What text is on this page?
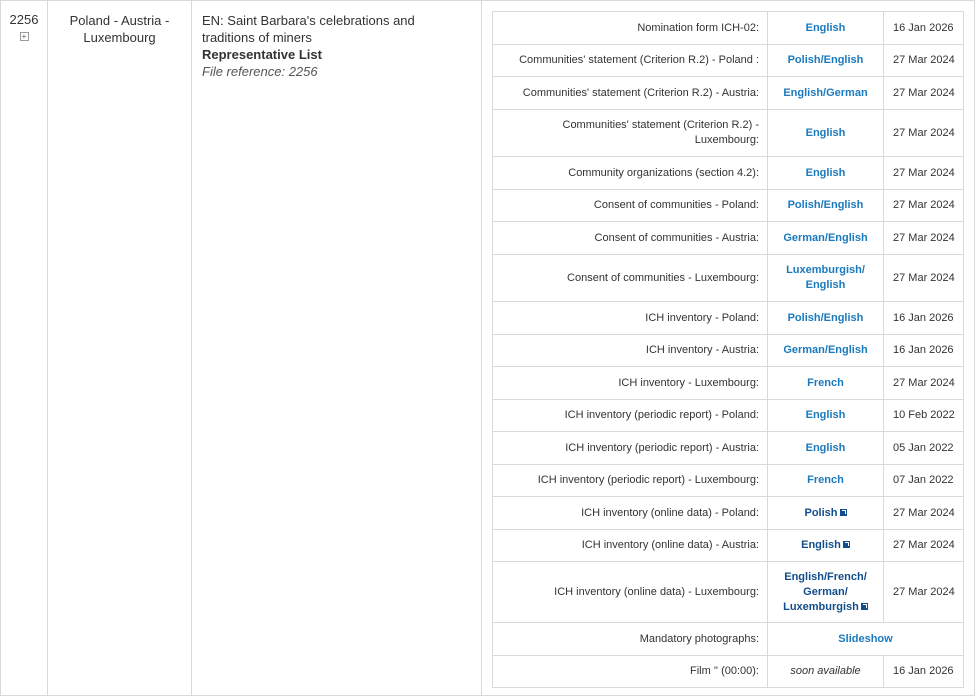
2256
+	Poland - Austria - Luxembourg	
EN: Saint Barbara's celebrations and traditions of miners
Representative List
File reference: 2256

Nomination form ICH-02:	English	16 Jan 2026
Communities' statement (Criterion R.2) - Poland :	Polish/English	27 Mar 2024
Communities' statement (Criterion R.2) - Austria:	English/German	27 Mar 2024
Communities' statement (Criterion R.2) - Luxembourg:	English	27 Mar 2024
Community organizations (section 4.2):	English	27 Mar 2024
Consent of communities - Poland:	Polish/English	27 Mar 2024
Consent of communities - Austria:	German/English	27 Mar 2024
Consent of communities - Luxembourg:	Luxemburgish/ English	27 Mar 2024
ICH inventory - Poland:	Polish/English	16 Jan 2026
ICH inventory - Austria:	German/English	16 Jan 2026
ICH inventory - Luxembourg:	French	27 Mar 2024
ICH inventory (periodic report) - Poland:	English	10 Feb 2022
ICH inventory (periodic report) - Austria:	English	05 Jan 2022
ICH inventory (periodic report) - Luxembourg:	French	07 Jan 2022
ICH inventory (online data) - Poland:	Polish	27 Mar 2024
ICH inventory (online data) - Austria:	English	27 Mar 2024
ICH inventory (online data) - Luxembourg:	English/French/ German/ Luxemburgish	27 Mar 2024
Mandatory photographs:	Slideshow
Film '' (00:00):	soon available	16 Jan 2026
